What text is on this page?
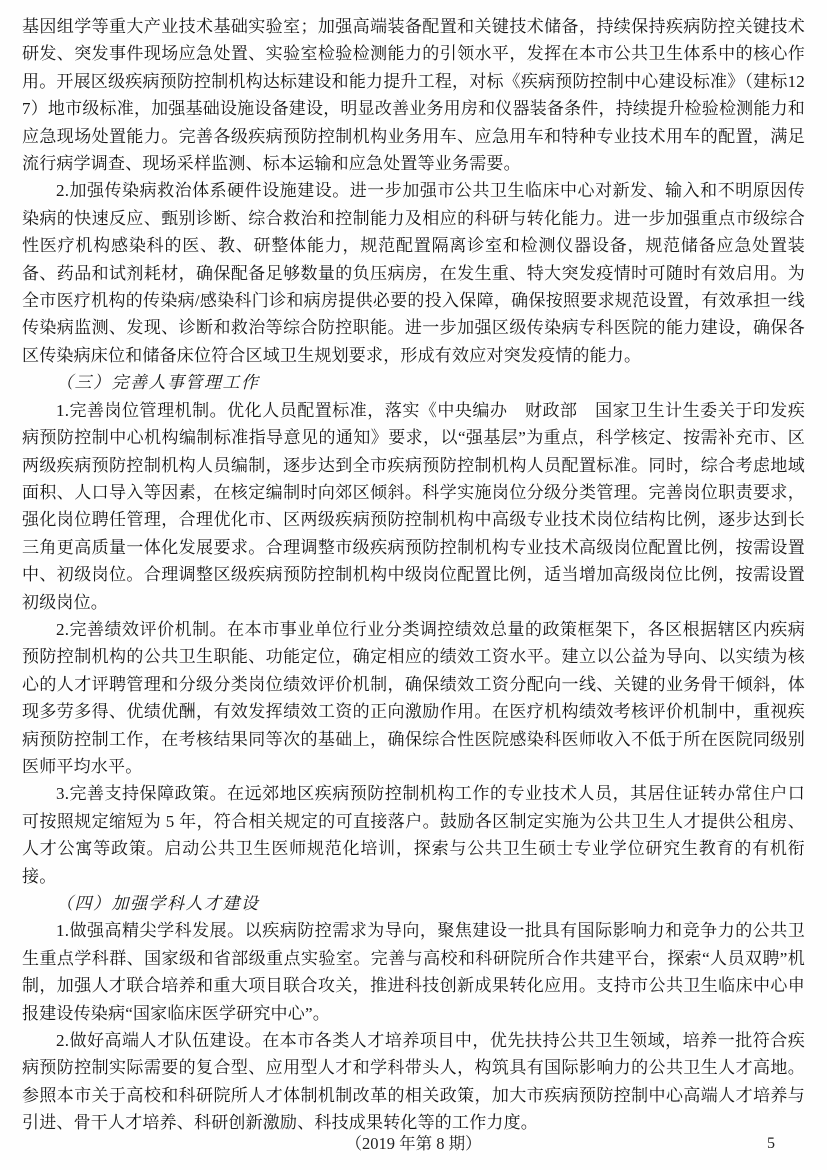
基因组学等重大产业技术基础实验室；加强高端装备配置和关键技术储备，持续保持疾病防控关键技术研发、突发事件现场应急处置、实验室检验检测能力的引领水平，发挥在本市公共卫生体系中的核心作用。开展区级疾病预防控制机构达标建设和能力提升工程，对标《疾病预防控制中心建设标准》（建标127）地市级标准，加强基础设施设备建设，明显改善业务用房和仪器装备条件，持续提升检验检测能力和应急现场处置能力。完善各级疾病预防控制机构业务用车、应急用车和特种专业技术用车的配置，满足流行病学调查、现场采样监测、标本运输和应急处置等业务需要。

2.加强传染病救治体系硬件设施建设。进一步加强市公共卫生临床中心对新发、输入和不明原因传染病的快速反应、甄别诊断、综合救治和控制能力及相应的科研与转化能力。进一步加强重点市级综合性医疗机构感染科的医、教、研整体能力，规范配置隔离诊室和检测仪器设备，规范储备应急处置装备、药品和试剂耗材，确保配备足够数量的负压病房，在发生重、特大突发疫情时可随时有效启用。为全市医疗机构的传染病/感染科门诊和病房提供必要的投入保障，确保按照要求规范设置，有效承担一线传染病监测、发现、诊断和救治等综合防控职能。进一步加强区级传染病专科医院的能力建设，确保各区传染病床位和储备床位符合区域卫生规划要求，形成有效应对突发疫情的能力。

（三）完善人事管理工作

1.完善岗位管理机制。优化人员配置标准，落实《中央编办　财政部　国家卫生计生委关于印发疾病预防控制中心机构编制标准指导意见的通知》要求，以“强基层”为重点，科学核定、按需补充市、区两级疾病预防控制机构人员编制，逐步达到全市疾病预防控制机构人员配置标准。同时，综合考虑地域面积、人口导入等因素，在核定编制时向郊区倾斜。科学实施岗位分级分类管理。完善岗位职责要求，强化岗位聘任管理，合理优化市、区两级疾病预防控制机构中高级专业技术岗位结构比例，逐步达到长三角更高质量一体化发展要求。合理调整市级疾病预防控制机构专业技术高级岗位配置比例，按需设置中、初级岗位。合理调整区级疾病预防控制机构中级岗位配置比例，适当增加高级岗位比例，按需设置初级岗位。

2.完善绩效评价机制。在本市事业单位行业分类调控绩效总量的政策框架下，各区根据辖区内疾病预防控制机构的公共卫生职能、功能定位，确定相应的绩效工资水平。建立以公益为导向、以实绩为核心的人才评聘管理和分级分类岗位绩效评价机制，确保绩效工资分配向一线、关键的业务骨干倾斜，体现多劳多得、优绩优酬，有效发挥绩效工资的正向激励作用。在医疗机构绩效考核评价机制中，重视疾病预防控制工作，在考核结果同等次的基础上，确保综合性医院感染科医师收入不低于所在医院同级别医师平均水平。

3.完善支持保障政策。在远郊地区疾病预防控制机构工作的专业技术人员，其居住证转办常住户口可按照规定缩短为 5 年，符合相关规定的可直接落户。鼓励各区制定实施为公共卫生人才提供公租房、人才公寓等政策。启动公共卫生医师规范化培训，探索与公共卫生硕士专业学位研究生教育的有机衔接。

（四）加强学科人才建设

1.做强高精尖学科发展。以疾病防控需求为导向，聚焦建设一批具有国际影响力和竞争力的公共卫生重点学科群、国家级和省部级重点实验室。完善与高校和科研院所合作共建平台，探索“人员双聘”机制，加强人才联合培养和重大项目联合攻关，推进科技创新成果转化应用。支持市公共卫生临床中心申报建设传染病“国家临床医学研究中心”。

2.做好高端人才队伍建设。在本市各类人才培养项目中，优先扶持公共卫生领域，培养一批符合疾病预防控制实际需要的复合型、应用型人才和学科带头人，构筑具有国际影响力的公共卫生人才高地。参照本市关于高校和科研院所人才体制机制改革的相关政策，加大市疾病预防控制中心高端人才培养与引进、骨干人才培养、科研创新激励、科技成果转化等的工作力度。

（2019 年第 8 期）	5
